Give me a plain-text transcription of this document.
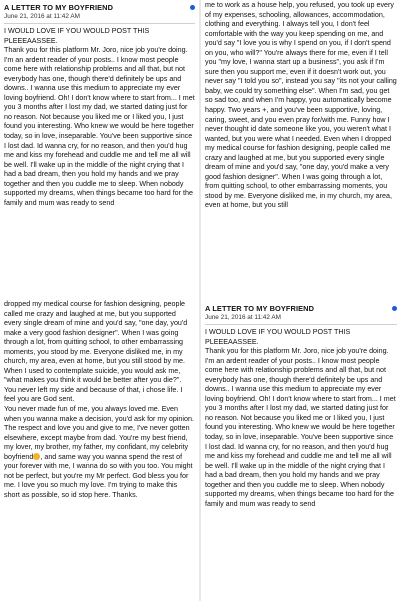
A LETTER TO MY BOYFRIEND
June 21, 2016 at 11:42 AM
I WOULD LOVE IF YOU WOULD POST THIS PLEEEAASSEE.
Thank you for this platform Mr. Joro, nice job you're doing. I'm an ardent reader of your posts.. I know most people come here with relationship problems and all that, but not everybody has one, though there'd definitely be ups and downs.. I wanna use this medium to appreciate my ever loving boyfriend. Oh! I don't know where to start from... I met you 3 months after I lost my dad, we started dating just for no reason. Not because you liked me or I liked you, I just found you interesting. Who knew we would be here together today, so in love, inseparable. You've been supportive since I lost dad. Id wanna cry, for no reason, and then you'd hug me and kiss my forehead and cuddle me and tell me all will be well. I'll wake up in the middle of the night crying that I had a bad dream, then you hold my hands and we pray together and then you cuddle me to sleep. When nobody supported my dreams, when things became too hard for the family and mum was ready to send
dropped my medical course for fashion designing, people called me crazy and laughed at me, but you supported every single dream of mine and you'd say, "one day, you'd make a very good fashion designer". When I was going through a lot, from quitting school, to other embarrassing moments, you stood by me. Everyone disliked me, in my church, my area, even at home, but you still stood by me. When I used to contemplate suicide, you would ask me, "what makes you think it would be better after you die?". You never left my side and because of that, i chose life. I feel you are God sent.
You never made fun of me, you always loved me. Even when you wanna make a decision, you'd ask for my opinion. The respect and love you and give to me, I've never gotten elsewhere, except maybe from dad. You're my best friend, my lover, my brother, my father, my confidant, my celebrity boyfriend , and same way you wanna spend the rest of your forever with me, I wanna do so with you too. You might not be perfect, but you're my Mr perfect. God bless you for me. I love you so much my love. I'm trying to make this short as possible, so id stop here. Thanks.
me to work as a house help, you refused, you took up every of my expenses, schooling, allowances, accommodation, clothing and everything. I always tell you, I don't feel comfortable with the way you keep spending on me, and you'd say "I love you is why I spend on you, if I don't spend on you, who will?" You're always there for me, even if I tell you "my love, I wanna start up a business", you ask if I'm sure then you support me, even if it doesn't work out, you never say "I told you so", instead you say "its not your calling baby, we could try something else". When I'm sad, you get so sad too, and when I'm happy, you automatically become happy. Two years +, and you've been supportive, loving, caring, sweet, and you even pray for/with me. Funny how I never thought id date someone like you, you weren't what I wanted, but you were what I needed. Even when I dropped my medical course for fashion designing, people called me crazy and laughed at me, but you supported every single dream of mine and you'd say, "one day, you'd make a very good fashion designer". When I was going through a lot, from quitting school, to other embarrassing moments, you stood by me. Everyone disliked me, in my church, my area, even at home, but you still
A LETTER TO MY BOYFRIEND
June 21, 2016 at 11:42 AM
I WOULD LOVE IF YOU WOULD POST THIS PLEEEAASSEE.
Thank you for this platform Mr. Joro, nice job you're doing. I'm an ardent reader of your posts.. I know most people come here with relationship problems and all that, but not everybody has one, though there'd definitely be ups and downs.. I wanna use this medium to appreciate my ever loving boyfriend. Oh! I don't know where to start from... I met you 3 months after I lost my dad, we started dating just for no reason. Not because you liked me or I liked you, I just found you interesting. Who knew we would be here together today, so in love, inseparable. You've been supportive since I lost dad. Id wanna cry, for no reason, and then you'd hug me and kiss my forehead and cuddle me and tell me all will be well. I'll wake up in the middle of the night crying that I had a bad dream, then you hold my hands and we pray together and then you cuddle me to sleep. When nobody supported my dreams, when things became too hard for the family and mum was ready to send
